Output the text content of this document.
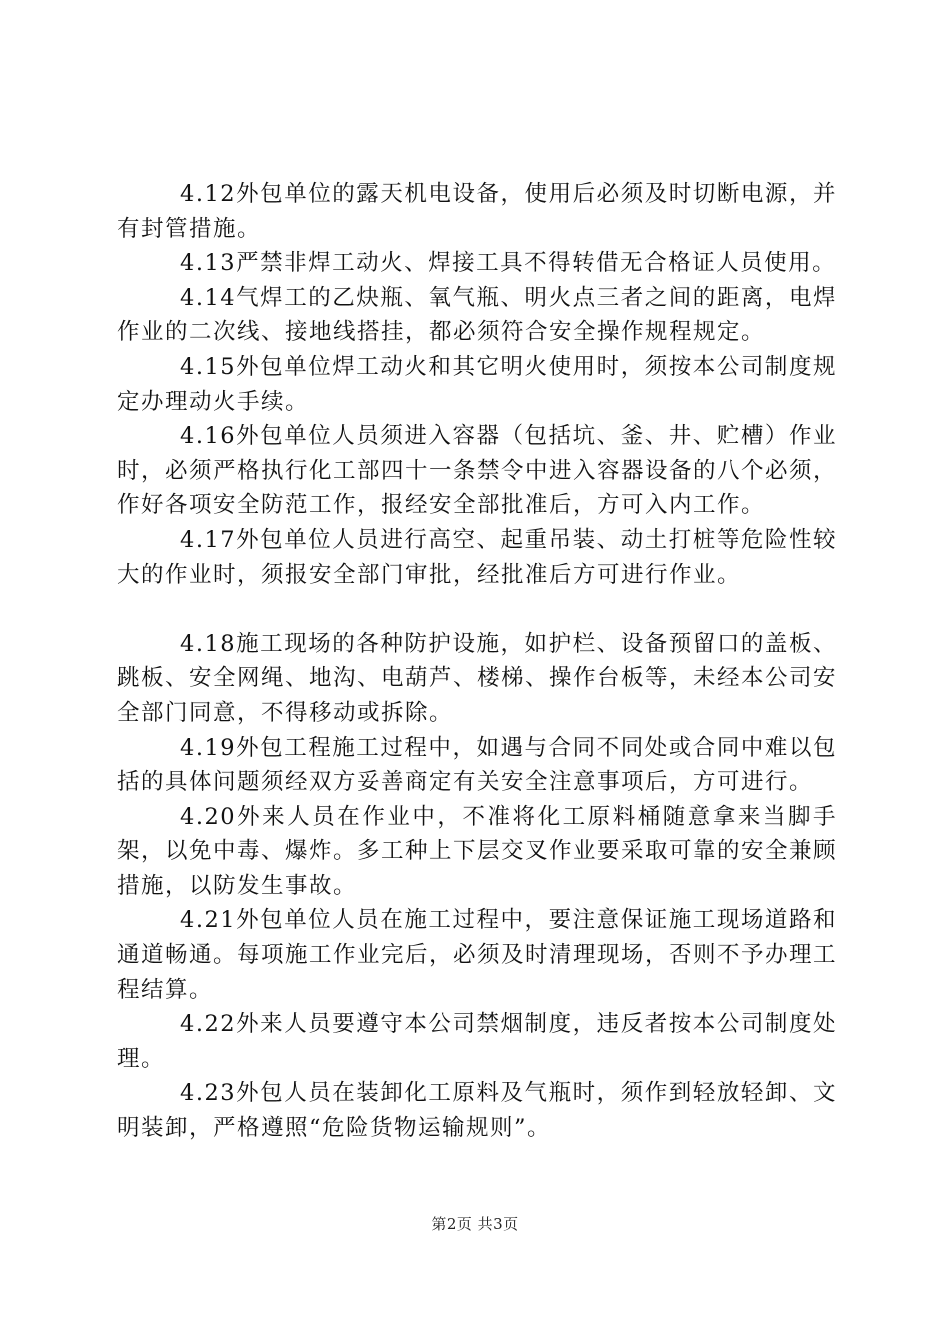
4.12外包单位的露天机电设备，使用后必须及时切断电源，并有封管措施。

4.13严禁非焊工动火、焊接工具不得转借无合格证人员使用。

4.14气焊工的乙炔瓶、氧气瓶、明火点三者之间的距离，电焊作业的二次线、接地线搭挂，都必须符合安全操作规程规定。

4.15外包单位焊工动火和其它明火使用时，须按本公司制度规定办理动火手续。

4.16外包单位人员须进入容器（包括坑、釜、井、贮槽）作业时，必须严格执行化工部四十一条禁令中进入容器设备的八个必须，作好各项安全防范工作，报经安全部批准后，方可入内工作。

4.17外包单位人员进行高空、起重吊装、动土打桩等危险性较大的作业时，须报安全部门审批，经批准后方可进行作业。

4.18施工现场的各种防护设施，如护栏、设备预留口的盖板、跳板、安全网绳、地沟、电葫芦、楼梯、操作台板等，未经本公司安全部门同意，不得移动或拆除。

4.19外包工程施工过程中，如遇与合同不同处或合同中难以包括的具体问题须经双方妥善商定有关安全注意事项后，方可进行。

4.20外来人员在作业中，不准将化工原料桶随意拿来当脚手架，以免中毒、爆炸。多工种上下层交叉作业要采取可靠的安全兼顾措施，以防发生事故。

4.21外包单位人员在施工过程中，要注意保证施工现场道路和通道畅通。每项施工作业完后，必须及时清理现场，否则不予办理工程结算。

4.22外来人员要遵守本公司禁烟制度，违反者按本公司制度处理。

4.23外包人员在装卸化工原料及气瓶时，须作到轻放轻卸、文明装卸，严格遵照“危险货物运输规则”。

第2页 共3页
